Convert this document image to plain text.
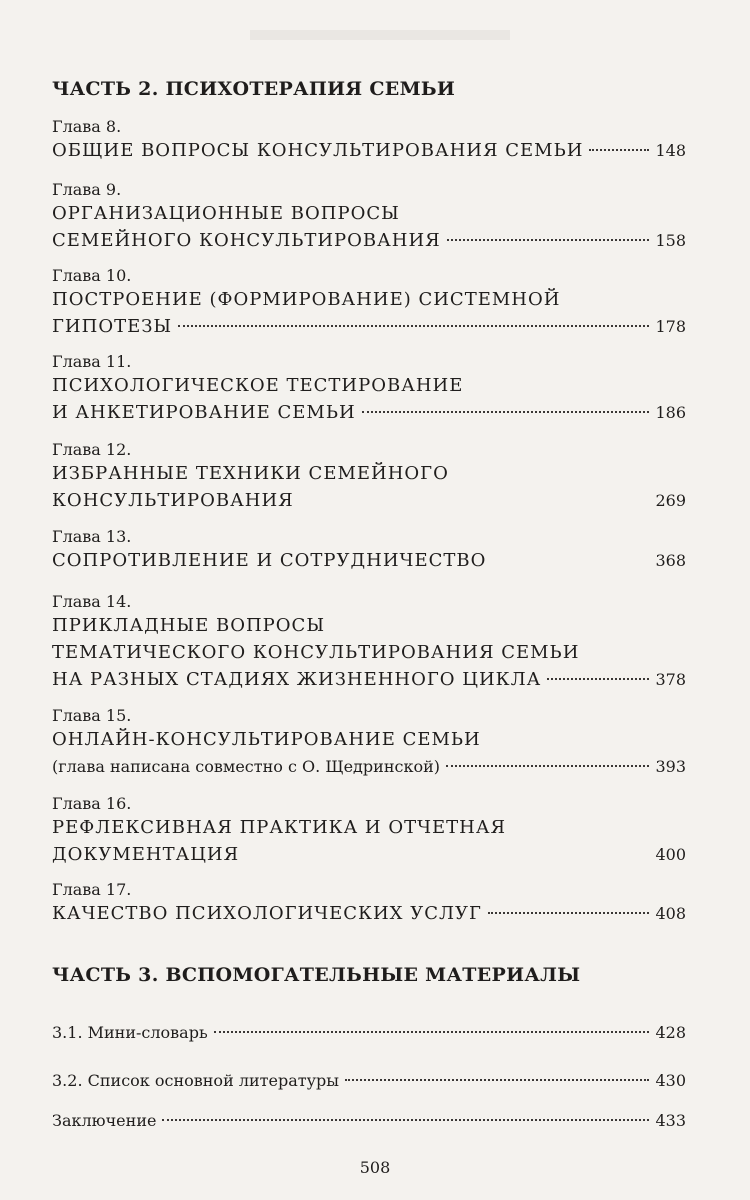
ЧАСТЬ 2. ПСИХОТЕРАПИЯ СЕМЬИ
Глава 8.
ОБЩИЕ ВОПРОСЫ КОНСУЛЬТИРОВАНИЯ СЕМЬИ	148
Глава 9.
ОРГАНИЗАЦИОННЫЕ ВОПРОСЫ
СЕМЕЙНОГО КОНСУЛЬТИРОВАНИЯ	158
Глава 10.
ПОСТРОЕНИЕ (ФОРМИРОВАНИЕ) СИСТЕМНОЙ
ГИПОТЕЗЫ	178
Глава 11.
ПСИХОЛОГИЧЕСКОЕ ТЕСТИРОВАНИЕ
И АНКЕТИРОВАНИЕ СЕМЬИ	186
Глава 12.
ИЗБРАННЫЕ ТЕХНИКИ СЕМЕЙНОГО
КОНСУЛЬТИРОВАНИЯ	269
Глава 13.
СОПРОТИВЛЕНИЕ И СОТРУДНИЧЕСТВО	368
Глава 14.
ПРИКЛАДНЫЕ ВОПРОСЫ
ТЕМАТИЧЕСКОГО КОНСУЛЬТИРОВАНИЯ СЕМЬИ
НА РАЗНЫХ СТАДИЯХ ЖИЗНЕННОГО ЦИКЛА	378
Глава 15.
ОНЛАЙН-КОНСУЛЬТИРОВАНИЕ СЕМЬИ
(глава написана совместно с О. Щедринской)	393
Глава 16.
РЕФЛЕКСИВНАЯ ПРАКТИКА И ОТЧЕТНАЯ
ДОКУМЕНТАЦИЯ	400
Глава 17.
КАЧЕСТВО ПСИХОЛОГИЧЕСКИХ УСЛУГ	408
ЧАСТЬ 3. ВСПОМОГАТЕЛЬНЫЕ МАТЕРИАЛЫ
3.1. Мини-словарь	428
3.2. Список основной литературы	430
Заключение	433
508
